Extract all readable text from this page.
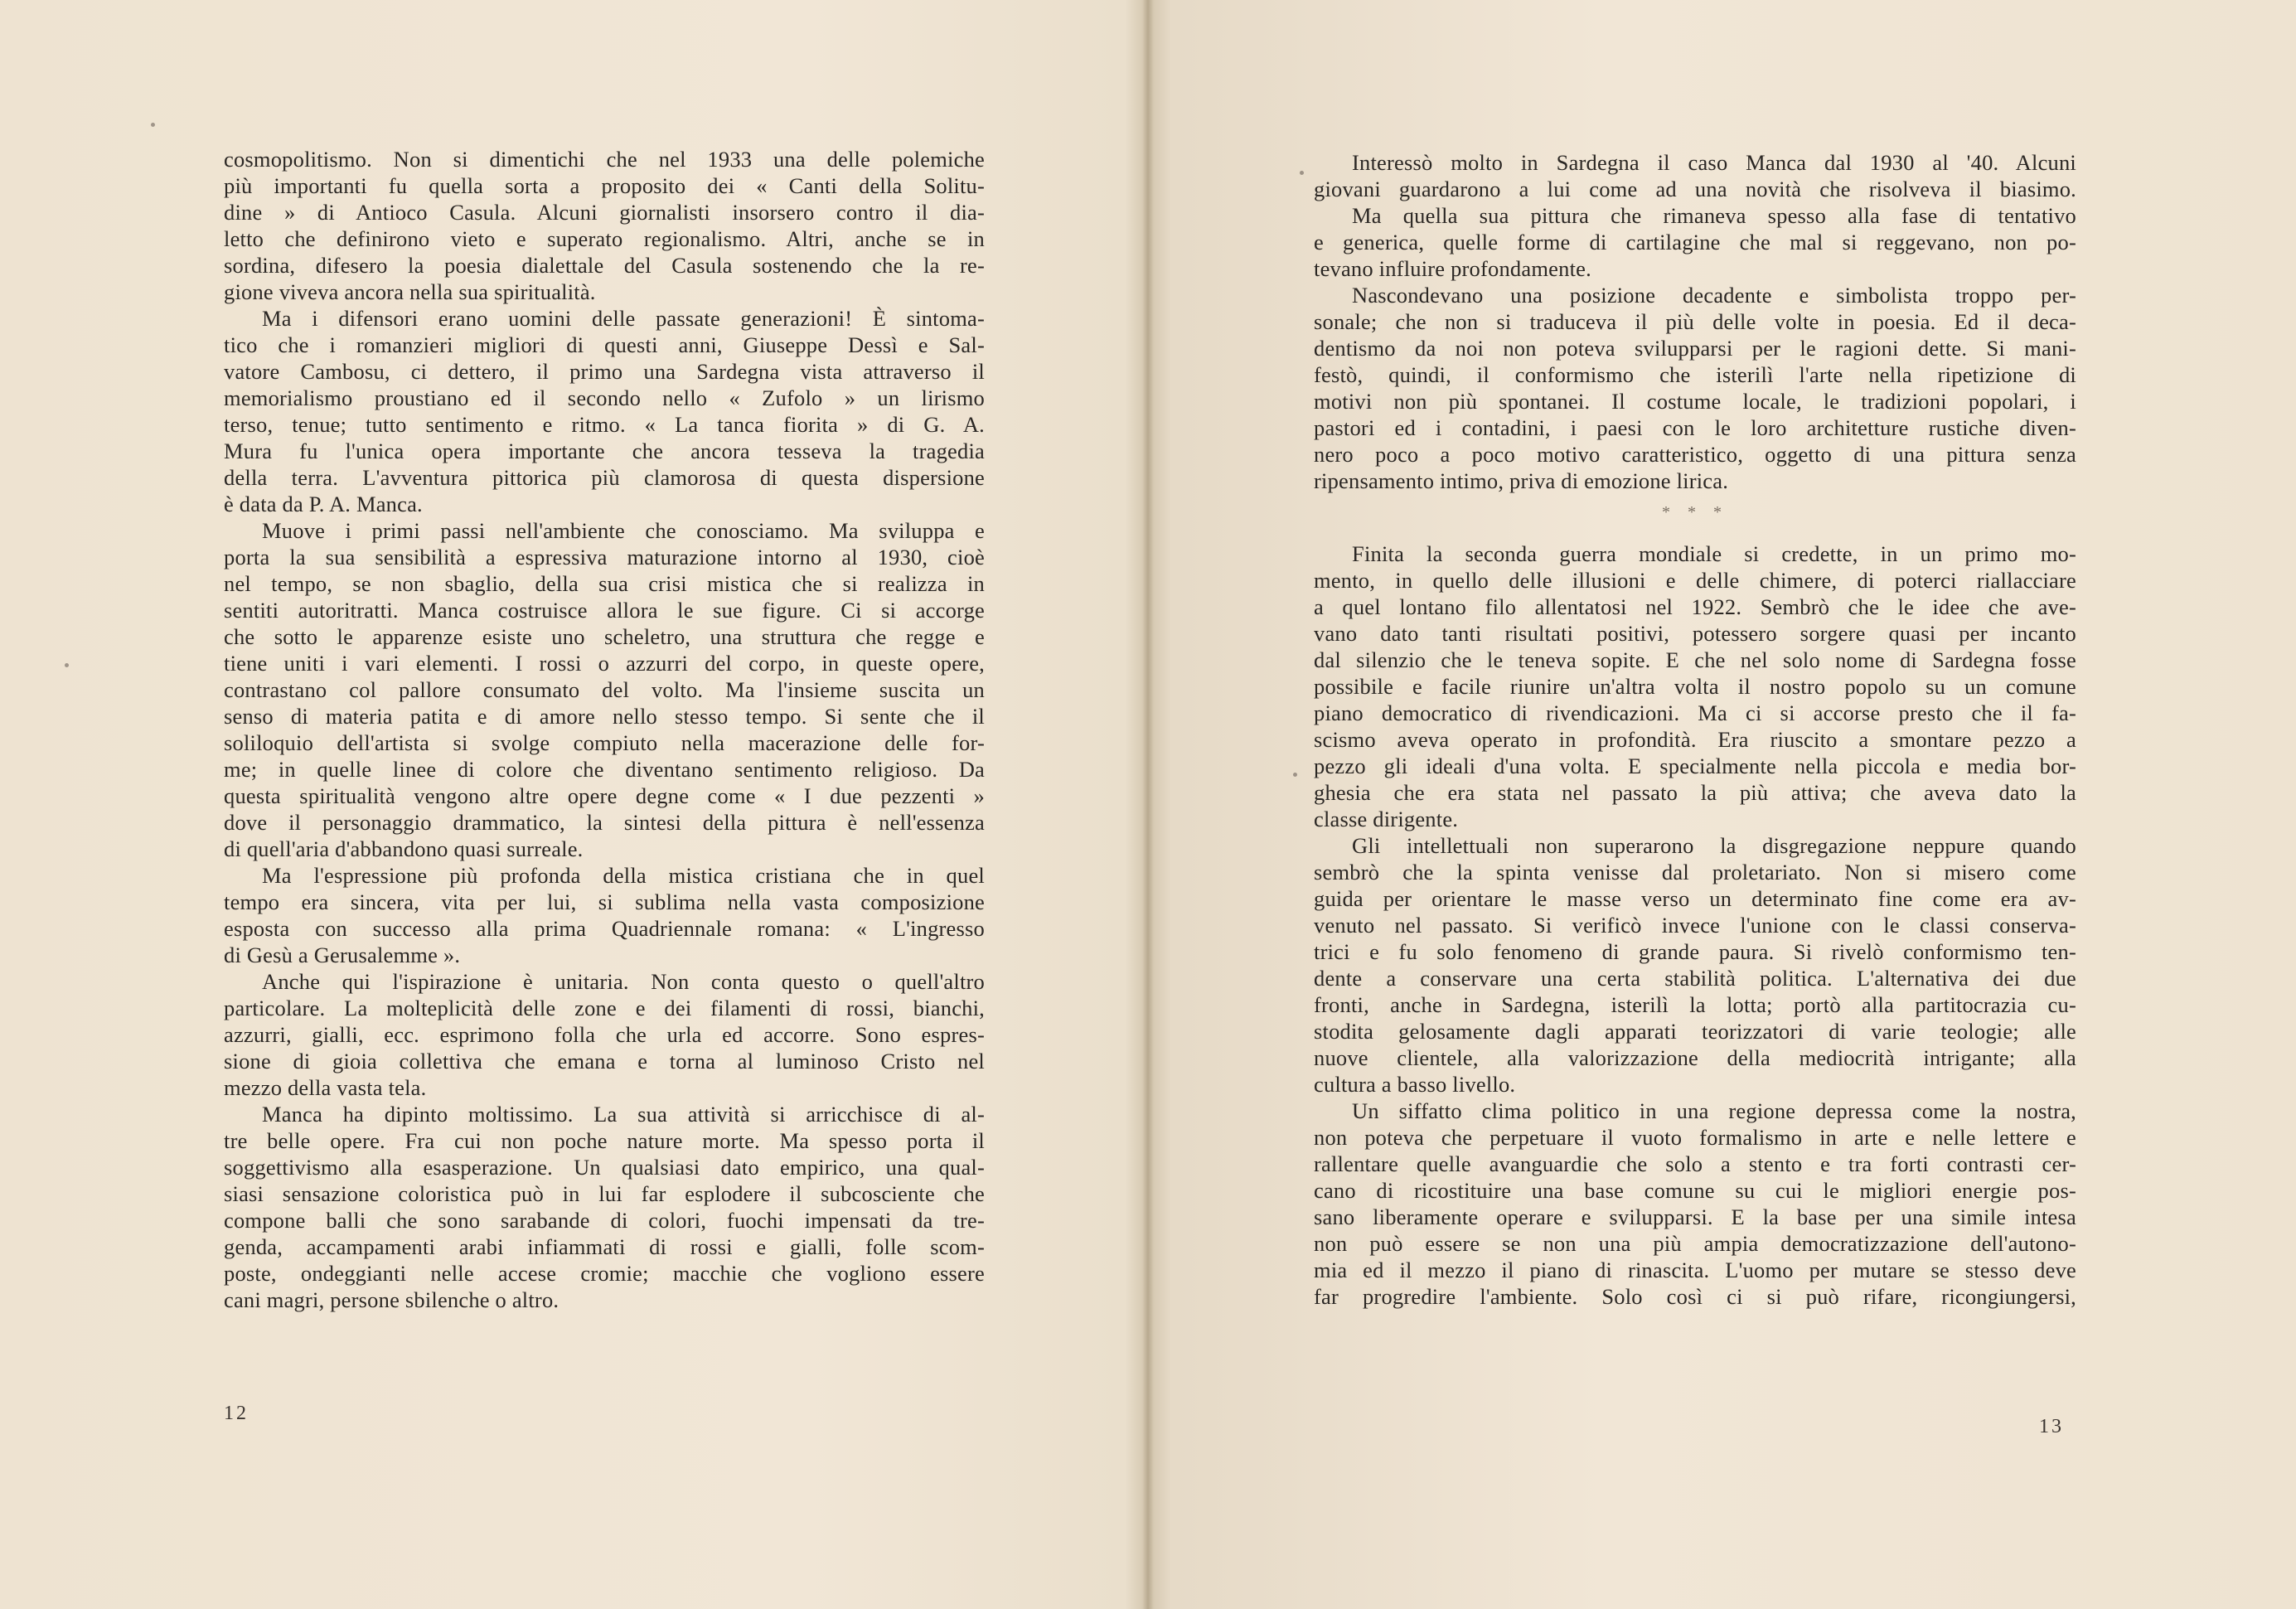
cosmopolitismo. Non si dimentichi che nel 1933 una delle polemiche
più importanti fu quella sorta a proposito dei « Canti della Solitu-
dine » di Antioco Casula. Alcuni giornalisti insorsero contro il dia-
letto che definirono vieto e superato regionalismo. Altri, anche se in
sordina, difesero la poesia dialettale del Casula sostenendo che la re-
gione viveva ancora nella sua spiritualità.
Ma i difensori erano uomini delle passate generazioni! È sintoma-
tico che i romanzieri migliori di questi anni, Giuseppe Dessì e Sal-
vatore Cambosu, ci dettero, il primo una Sardegna vista attraverso il
memorialismo proustiano ed il secondo nello « Zufolo » un lirismo
terso, tenue; tutto sentimento e ritmo. « La tanca fiorita » di G. A.
Mura fu l'unica opera importante che ancora tesseva la tragedia
della terra. L'avventura pittorica più clamorosa di questa dispersione
è data da P. A. Manca.
Muove i primi passi nell'ambiente che conosciamo. Ma sviluppa e
porta la sua sensibilità a espressiva maturazione intorno al 1930, cioè
nel tempo, se non sbaglio, della sua crisi mistica che si realizza in
sentiti autoritratti. Manca costruisce allora le sue figure. Ci si accorge
che sotto le apparenze esiste uno scheletro, una struttura che regge e
tiene uniti i vari elementi. I rossi o azzurri del corpo, in queste opere,
contrastano col pallore consumato del volto. Ma l'insieme suscita un
senso di materia patita e di amore nello stesso tempo. Si sente che il
soliloquio dell'artista si svolge compiuto nella macerazione delle for-
me; in quelle linee di colore che diventano sentimento religioso. Da
questa spiritualità vengono altre opere degne come « I due pezzenti »
dove il personaggio drammatico, la sintesi della pittura è nell'essenza
di quell'aria d'abbandono quasi surreale.
Ma l'espressione più profonda della mistica cristiana che in quel
tempo era sincera, vita per lui, si sublima nella vasta composizione
esposta con successo alla prima Quadriennale romana: « L'ingresso
di Gesù a Gerusalemme ».
Anche qui l'ispirazione è unitaria. Non conta questo o quell'altro
particolare. La molteplicità delle zone e dei filamenti di rossi, bianchi,
azzurri, gialli, ecc. esprimono folla che urla ed accorre. Sono espres-
sione di gioia collettiva che emana e torna al luminoso Cristo nel
mezzo della vasta tela.
Manca ha dipinto moltissimo. La sua attività si arricchisce di al-
tre belle opere. Fra cui non poche nature morte. Ma spesso porta il
soggettivismo alla esasperazione. Un qualsiasi dato empirico, una qual-
siasi sensazione coloristica può in lui far esplodere il subcosciente che
compone balli che sono sarabande di colori, fuochi impensati da tre-
genda, accampamenti arabi infiammati di rossi e gialli, folle scom-
poste, ondeggianti nelle accese cromie; macchie che vogliono essere
cani magri, persone sbilenche o altro.
12
Interessò molto in Sardegna il caso Manca dal 1930 al '40. Alcuni
giovani guardarono a lui come ad una novità che risolveva il biasimo.
Ma quella sua pittura che rimaneva spesso alla fase di tentativo
e generica, quelle forme di cartilagine che mal si reggevano, non po-
tevano influire profondamente.
Nascondevano una posizione decadente e simbolista troppo per-
sonale; che non si traduceva il più delle volte in poesia. Ed il deca-
dentismo da noi non poteva svilupparsi per le ragioni dette. Si mani-
festò, quindi, il conformismo che isterilì l'arte nella ripetizione di
motivi non più spontanei. Il costume locale, le tradizioni popolari, i
pastori ed i contadini, i paesi con le loro architetture rustiche diven-
nero poco a poco motivo caratteristico, oggetto di una pittura senza
ripensamento intimo, priva di emozione lirica.
* * *
Finita la seconda guerra mondiale si credette, in un primo mo-
mento, in quello delle illusioni e delle chimere, di poterci riallacciare
a quel lontano filo allentatosi nel 1922. Sembrò che le idee che ave-
vano dato tanti risultati positivi, potessero sorgere quasi per incanto
dal silenzio che le teneva sopite. E che nel solo nome di Sardegna fosse
possibile e facile riunire un'altra volta il nostro popolo su un comune
piano democratico di rivendicazioni. Ma ci si accorse presto che il fa-
scismo aveva operato in profondità. Era riuscito a smontare pezzo a
pezzo gli ideali d'una volta. E specialmente nella piccola e media bor-
ghesia che era stata nel passato la più attiva; che aveva dato la
classe dirigente.
Gli intellettuali non superarono la disgregazione neppure quando
sembrò che la spinta venisse dal proletariato. Non si misero come
guida per orientare le masse verso un determinato fine come era av-
venuto nel passato. Si verificò invece l'unione con le classi conserva-
trici e fu solo fenomeno di grande paura. Si rivelò conformismo ten-
dente a conservare una certa stabilità politica. L'alternativa dei due
fronti, anche in Sardegna, isterilì la lotta; portò alla partitocrazia cu-
stodita gelosamente dagli apparati teorizzatori di varie teologie; alle
nuove clientele, alla valorizzazione della mediocrità intrigante; alla
cultura a basso livello.
Un siffatto clima politico in una regione depressa come la nostra,
non poteva che perpetuare il vuoto formalismo in arte e nelle lettere e
rallentare quelle avanguardie che solo a stento e tra forti contrasti cer-
cano di ricostituire una base comune su cui le migliori energie pos-
sano liberamente operare e svilupparsi. E la base per una simile intesa
non può essere se non una più ampia democratizzazione dell'autono-
mia ed il mezzo il piano di rinascita. L'uomo per mutare se stesso deve
far progredire l'ambiente. Solo così ci si può rifare, ricongiungersi,
13
